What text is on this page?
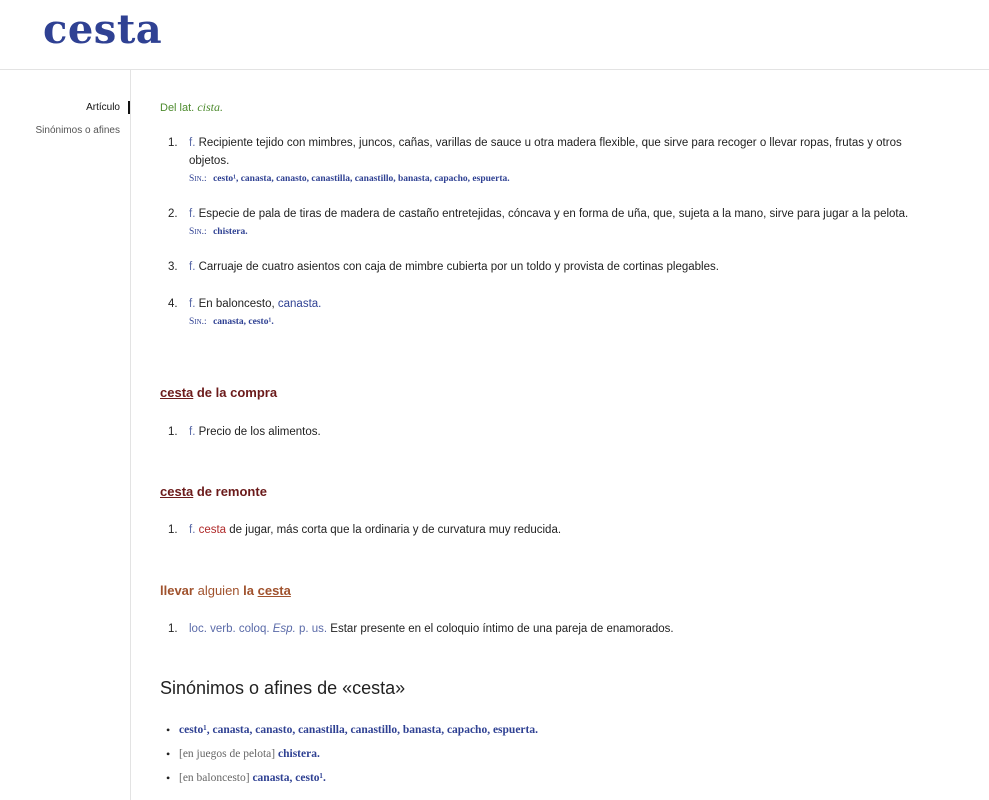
cesta
Artículo
Sinónimos o afines
Del lat. cista.
1. f. Recipiente tejido con mimbres, juncos, cañas, varillas de sauce u otra madera flexible, que sirve para recoger o llevar ropas, frutas y otros objetos.
Sin.: cesto¹, canasta, canasto, canastilla, canastillo, banasta, capacho, espuerta.
2. f. Especie de pala de tiras de madera de castaño entretejidas, cóncava y en forma de uña, que, sujeta a la mano, sirve para jugar a la pelota.
Sin.: chistera.
3. f. Carruaje de cuatro asientos con caja de mimbre cubierta por un toldo y provista de cortinas plegables.
4. f. En baloncesto, canasta.
Sin.: canasta, cesto¹.
cesta de la compra
1. f. Precio de los alimentos.
cesta de remonte
1. f. cesta de jugar, más corta que la ordinaria y de curvatura muy reducida.
llevar alguien la cesta
1. loc. verb. coloq. Esp. p. us. Estar presente en el coloquio íntimo de una pareja de enamorados.
Sinónimos o afines de «cesta»
• cesto¹, canasta, canasto, canastilla, canastillo, banasta, capacho, espuerta.
• [en juegos de pelota] chistera.
• [en baloncesto] canasta, cesto¹.
